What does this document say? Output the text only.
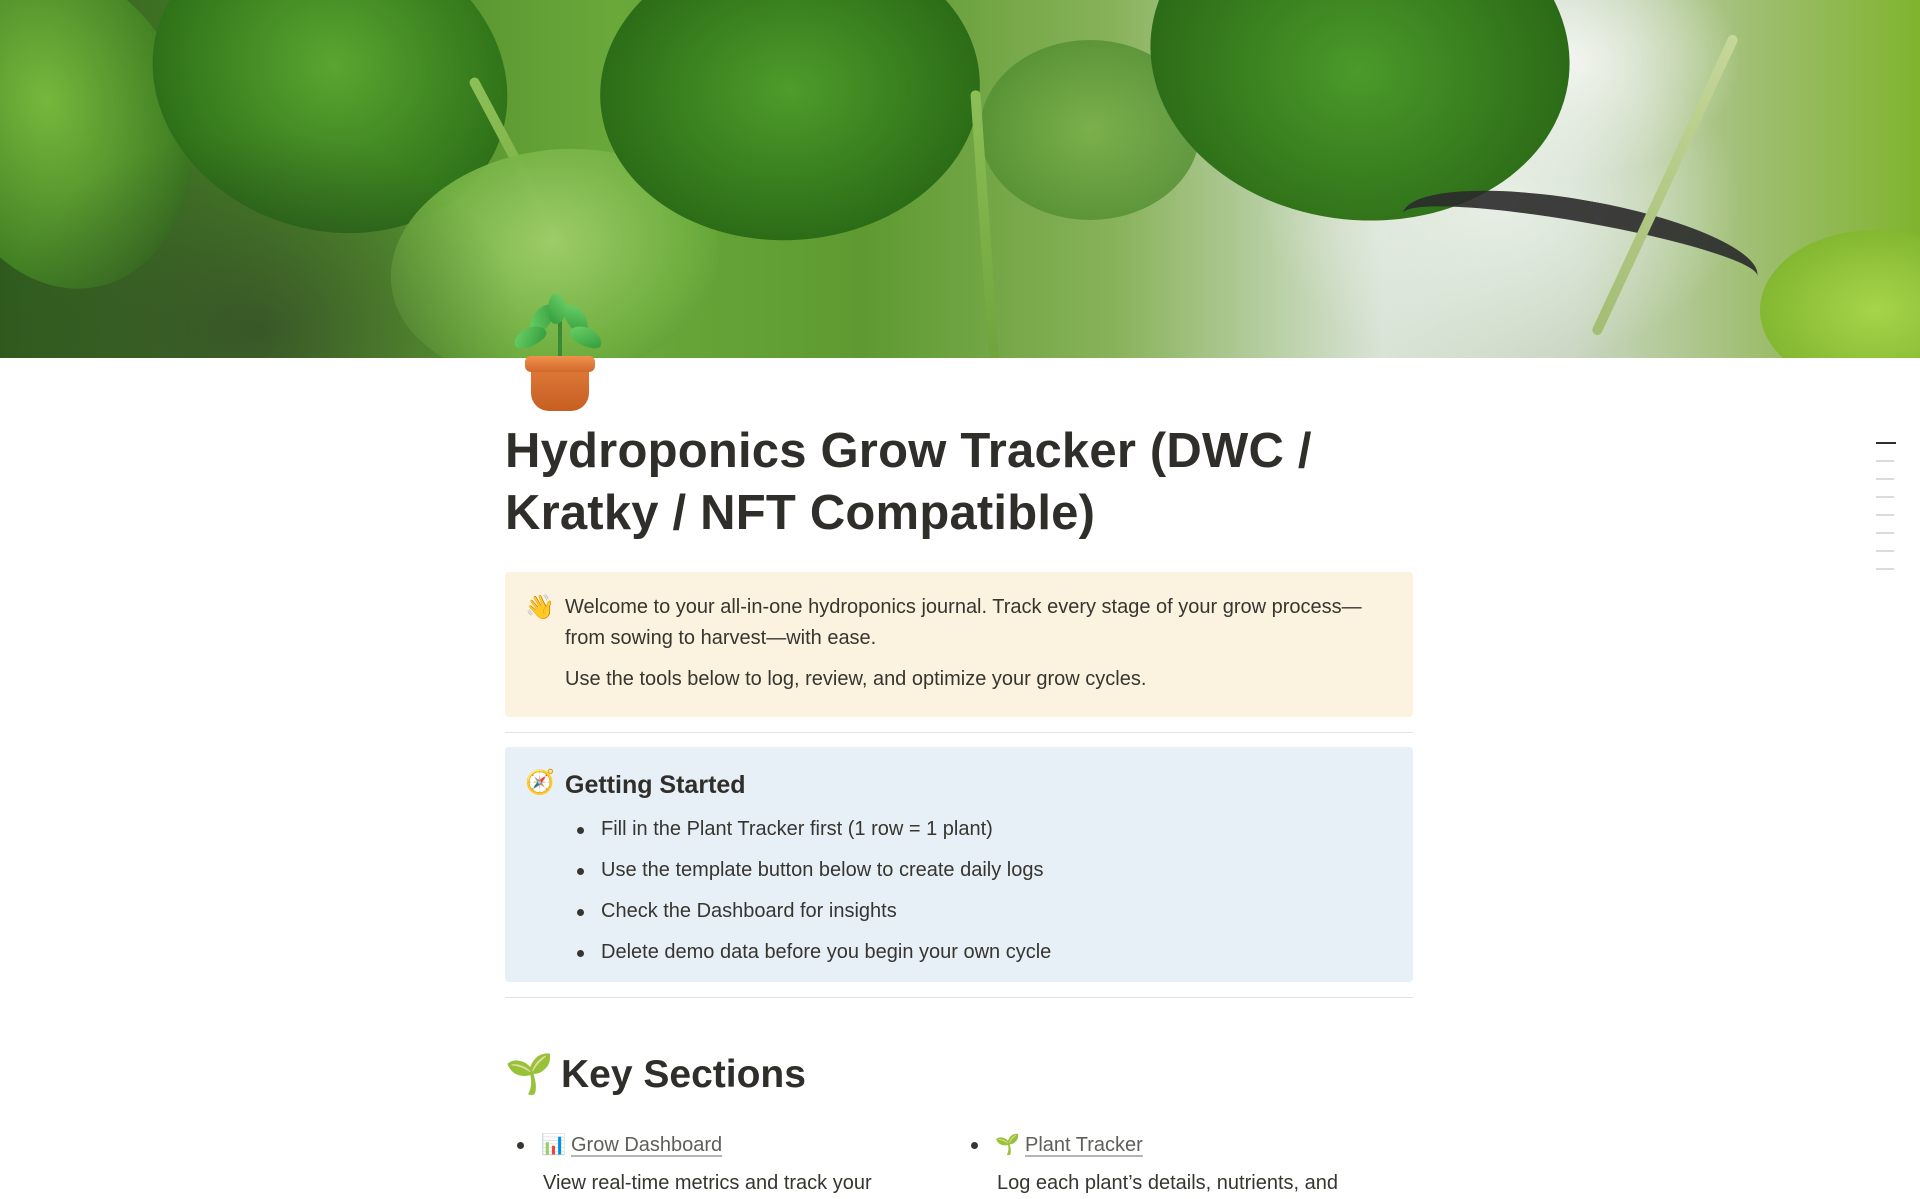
Hydroponics Grow Tracker (DWC / Kratky / NFT Compatible)
👋 Welcome to your all-in-one hydroponics journal. Track every stage of your grow process—from sowing to harvest—with ease.

Use the tools below to log, review, and optimize your grow cycles.

🧭 Getting Started
Fill in the Plant Tracker first (1 row = 1 plant)
Use the template button below to create daily logs
Check the Dashboard for insights
Delete demo data before you begin your own cycle
🌱 Key Sections
📊 Grow Dashboard
View real-time metrics and track your
🌱 Plant Tracker
Log each plant’s details, nutrients, and
